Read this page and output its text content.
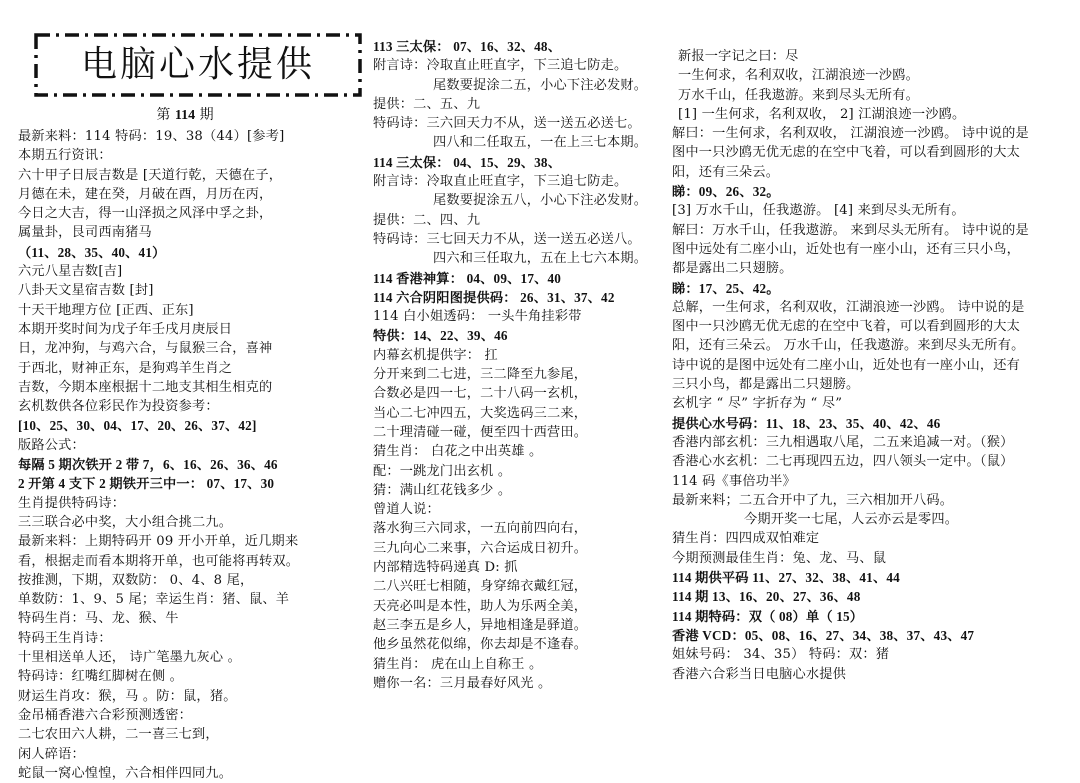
电脑心水提供
第 114 期
最新来料：114 特码：19、38（44）[参考]
本期五行资讯：
六十甲子日辰吉数是 [天道行乾，天德在子，
月德在未，建在癸，月破在酉，月历在丙，
今日之大吉，得一山泽损之风泽中孚之卦，
属量卦，艮司西南猪马
（11、28、35、40、41）
六元八星吉数[吉]
八卦天文星宿吉数 [封]
十天干地理方位 [正西、正东]
本期开奖时间为戊子年壬戌月庚辰日
日，龙冲狗，与鸡六合，与鼠猴三合，喜神
于西北，财神正东，是狗鸡羊生肖之
吉数，今期本座根据十二地支其相生相克的
玄机数供各位彩民作为投资参考：
[10、25、30、04、17、20、26、37、42]
版路公式：
每隔 5 期次铁开 2 带 7，6、16、26、36、46
2 开第 4 支下 2 期铁开三中一： 07、17、30
生肖提供特码诗：
三三联合必中奖，大小组合挑二九。
最新来料：上期特码开 09 开小开单，近几期来
看，根据走而看本期将开单，也可能将再转双。
按推测，下期，双数防： 0、4、8 尾，
单数防：1、9、5 尾；幸运生肖：猪、鼠、羊
特码生肖：马、龙、猴、牛
特码王生肖诗：
十里相送单人还， 诗广笔墨九灰心 。
特码诗：红嘴红脚树在侧 。
财运生肖攻：猴，马 。防：鼠，猪。
金吊桶香港六合彩预测透密：
二七农田六人耕，二一喜三七到，
闲人碎语：
蛇鼠一窝心惶惶，六合相伴四同九。
113 三太保： 07、16、32、48、
附言诗：冷取直止旺直字，下三追七防走。
尾数要捉涂二五，小心下注必发财。
提供：二、五、九
特码诗：三六回天力不从，送一送五必送七。
四八和二任取五，一在上三七本期。
114 三太保： 04、15、29、38、
附言诗：冷取直止旺直字，下三追七防走。
尾数要捉涂五八，小心下注必发财。
提供：二、四、九
特码诗：三七回天力不从，送一送五必送八。
四六和三任取九，五在上七六本期。
114 香港神算： 04、09、17、40
114 六合阴阳图提供码： 26、31、37、42
114 白小姐透码： 一头牛角挂彩带
特供：14、22、39、46
内幕玄机提供字： 扛
分开来到二七进，三二降至九参尾，
合数必是四一七，二十八码一玄机，
当心二七冲四五，大奖选码三二来，
二十理清碰一碰，便至四十西营田。
猜生肖： 白花之中出英雄 。
配：一跳龙门出玄机 。
猜：满山红花钱多少 。
曾道人说：
落水狗三六同求，一五向前四向右，
三九向心二来事，六合运成日初升。
内部精选特码递真 D: 抓
二八兴旺七相随，身穿绵衣戴红冠，
天亮必叫是本性，助人为乐两全美，
赵三李五是乡人，异地相逢是驿道。
他乡虽然花似绵，你去却是不逢春。
猜生肖： 虎在山上自称王 。
赠你一名：三月最春好风光 。
新报一字记之曰：尽
一生何求，名利双收，江湖浪迹一沙鸥。
万水千山，任我遨游。来到尽头无所有。
[1] 一生何求，名利双收， 2] 江湖浪迹一沙鸥。
解曰：一生何求，名利双收， 江湖浪迹一沙鸥。 诗中说的是
图中一只沙鸥无优无虑的在空中飞着，可以看到圆形的大太
阳，还有三朵云。
睇：09、26、32。
[3] 万水千山，任我遨游。 [4] 来到尽头无所有。
解曰：万水千山，任我遨游。 来到尽头无所有。 诗中说的是
图中远处有二座小山，近处也有一座小山，还有三只小鸟，
都是露出二只翅膀。
睇：17、25、42。
总解，一生何求，名利双收，江湖浪迹一沙鸥。 诗中说的是
图中一只沙鸥无优无虑的在空中飞着，可以看到圆形的大太
阳，还有三朵云。 万水千山，任我遨游。来到尽头无所有。
诗中说的是图中远处有二座小山，近处也有一座小山，还有
三只小鸟，都是露出二只翅膀。
玄机字 “ 尽” 字折存为 “ 尽”
提供心水号码：11、18、23、35、40、42、46
香港内部玄机：三九相遇取八尾，二五来追减一对。（猴）
香港心水玄机：二七再现四五边，四八领头一定中。（鼠）
114 码《事倍功半》
最新来料；二五合开中了九，三六相加开八码。
今期开奖一七尾，人云亦云是零四。
猜生肖：四四成双怕难定
今期预测最佳生肖：兔、龙、马、鼠
114 期供平码 11、27、32、38、41、44
114 期 13、16、20、27、36、48
114 期特码：双（ 08）单（ 15）
香港 VCD：05、08、16、27、34、38、37、43、47
姐妹号码： 34、35） 特码：双：猪
香港六合彩当日电脑心水提供
